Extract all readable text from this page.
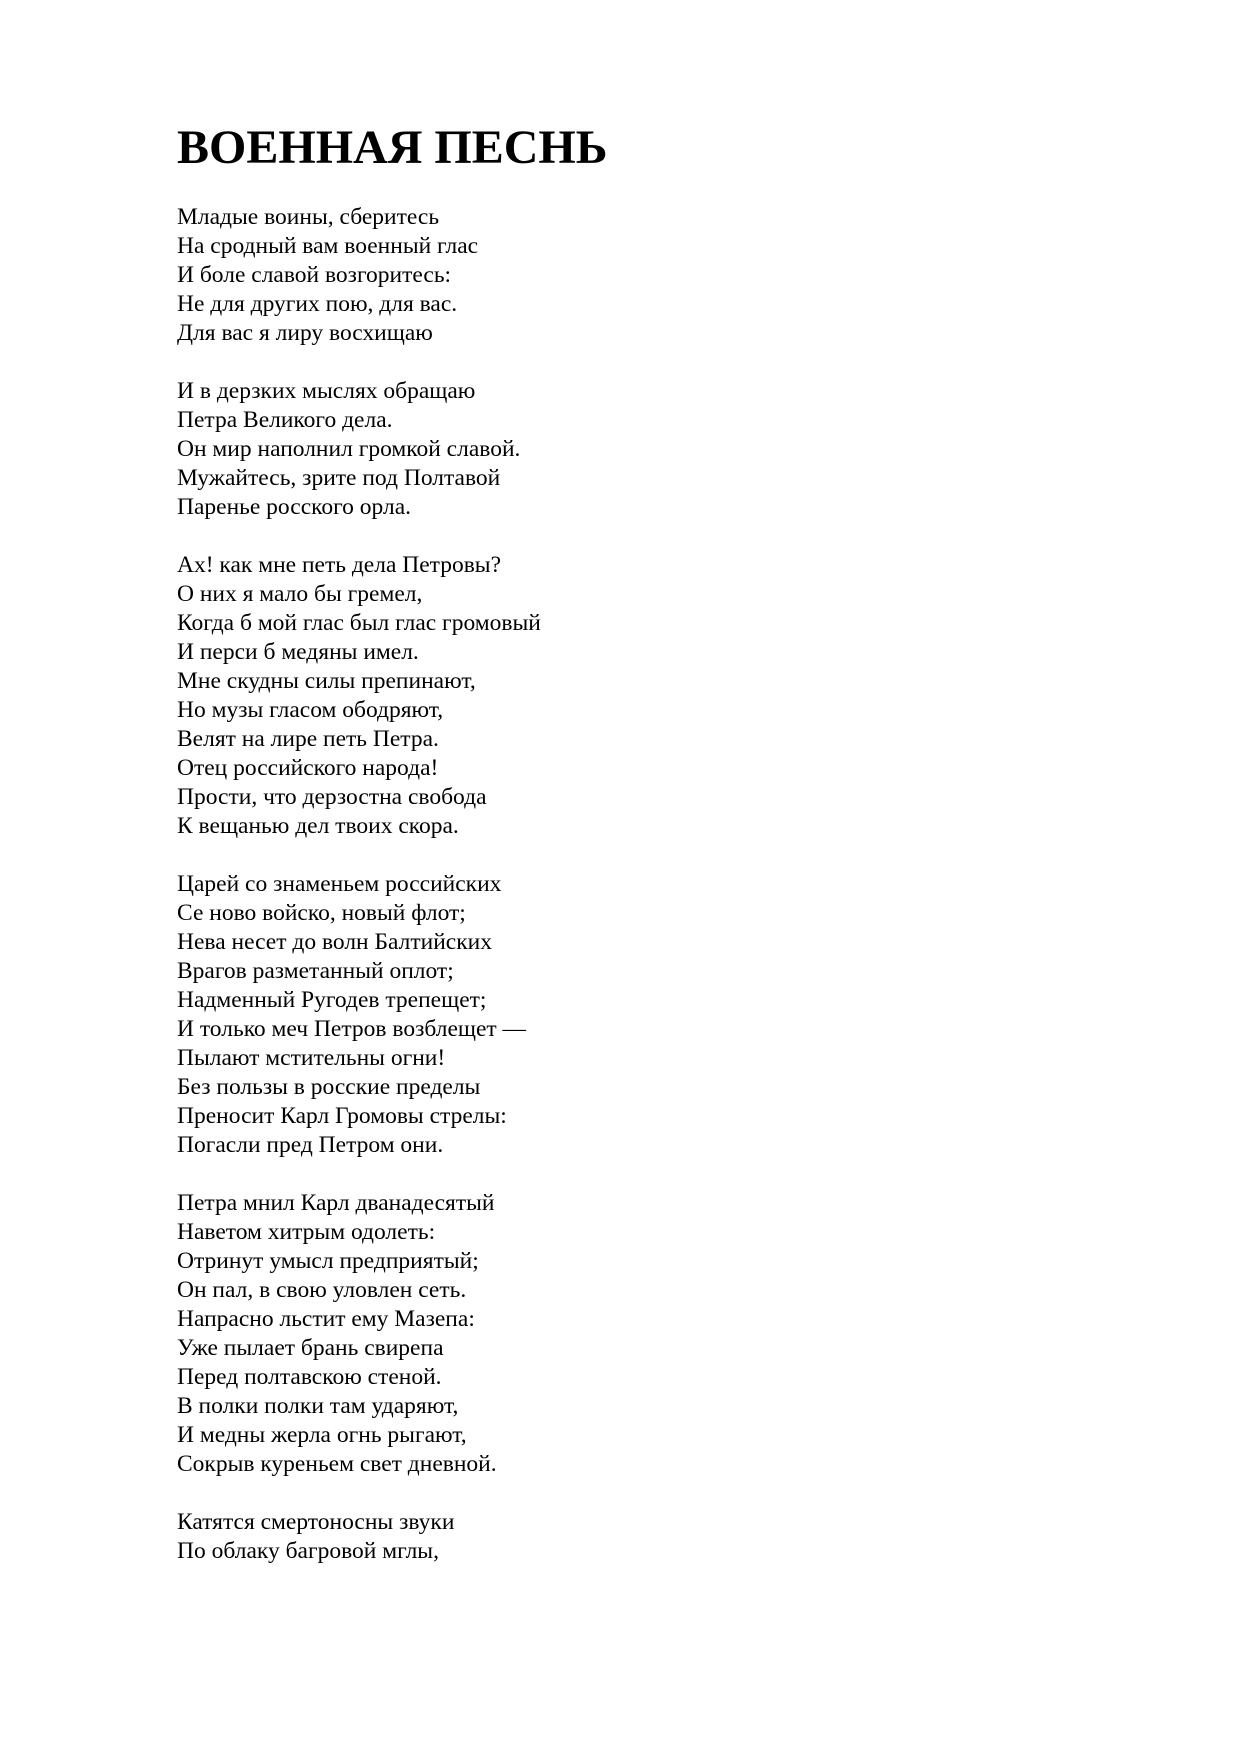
ВОЕННАЯ ПЕСНЬ
Младые воины, сберитесь
На сродный вам военный глас
И боле славой возгоритесь:
Не для других пою, для вас.
Для вас я лиру восхищаю
И в дерзких мыслях обращаю
Петра Великого дела.
Он мир наполнил громкой славой.
Мужайтесь, зрите под Полтавой
Паренье росского орла.
Ах! как мне петь дела Петровы?
О них я мало бы гремел,
Когда б мой глас был глас громовый
И перси б медяны имел.
Мне скудны силы препинают,
Но музы гласом ободряют,
Велят на лире петь Петра.
Отец российского народа!
Прости, что дерзостна свобода
К вещанью дел твоих скора.
Царей со знаменьем российских
Се ново войско, новый флот;
Нева несет до волн Балтийских
Врагов разметанный оплот;
Надменный Ругодев трепещет;
И только меч Петров возблещет —
Пылают мстительны огни!
Без пользы в росские пределы
Преносит Карл Громовы стрелы:
Погасли пред Петром они.
Петра мнил Карл дванадесятый
Наветом хитрым одолеть:
Отринут умысл предприятый;
Он пал, в свою уловлен сеть.
Напрасно льстит ему Мазепа:
Уже пылает брань свирепа
Перед полтавскою стеной.
В полки полки там ударяют,
И медны жерла огнь рыгают,
Сокрыв куреньем свет дневной.
Катятся смертоносны звуки
По облаку багровой мглы,
